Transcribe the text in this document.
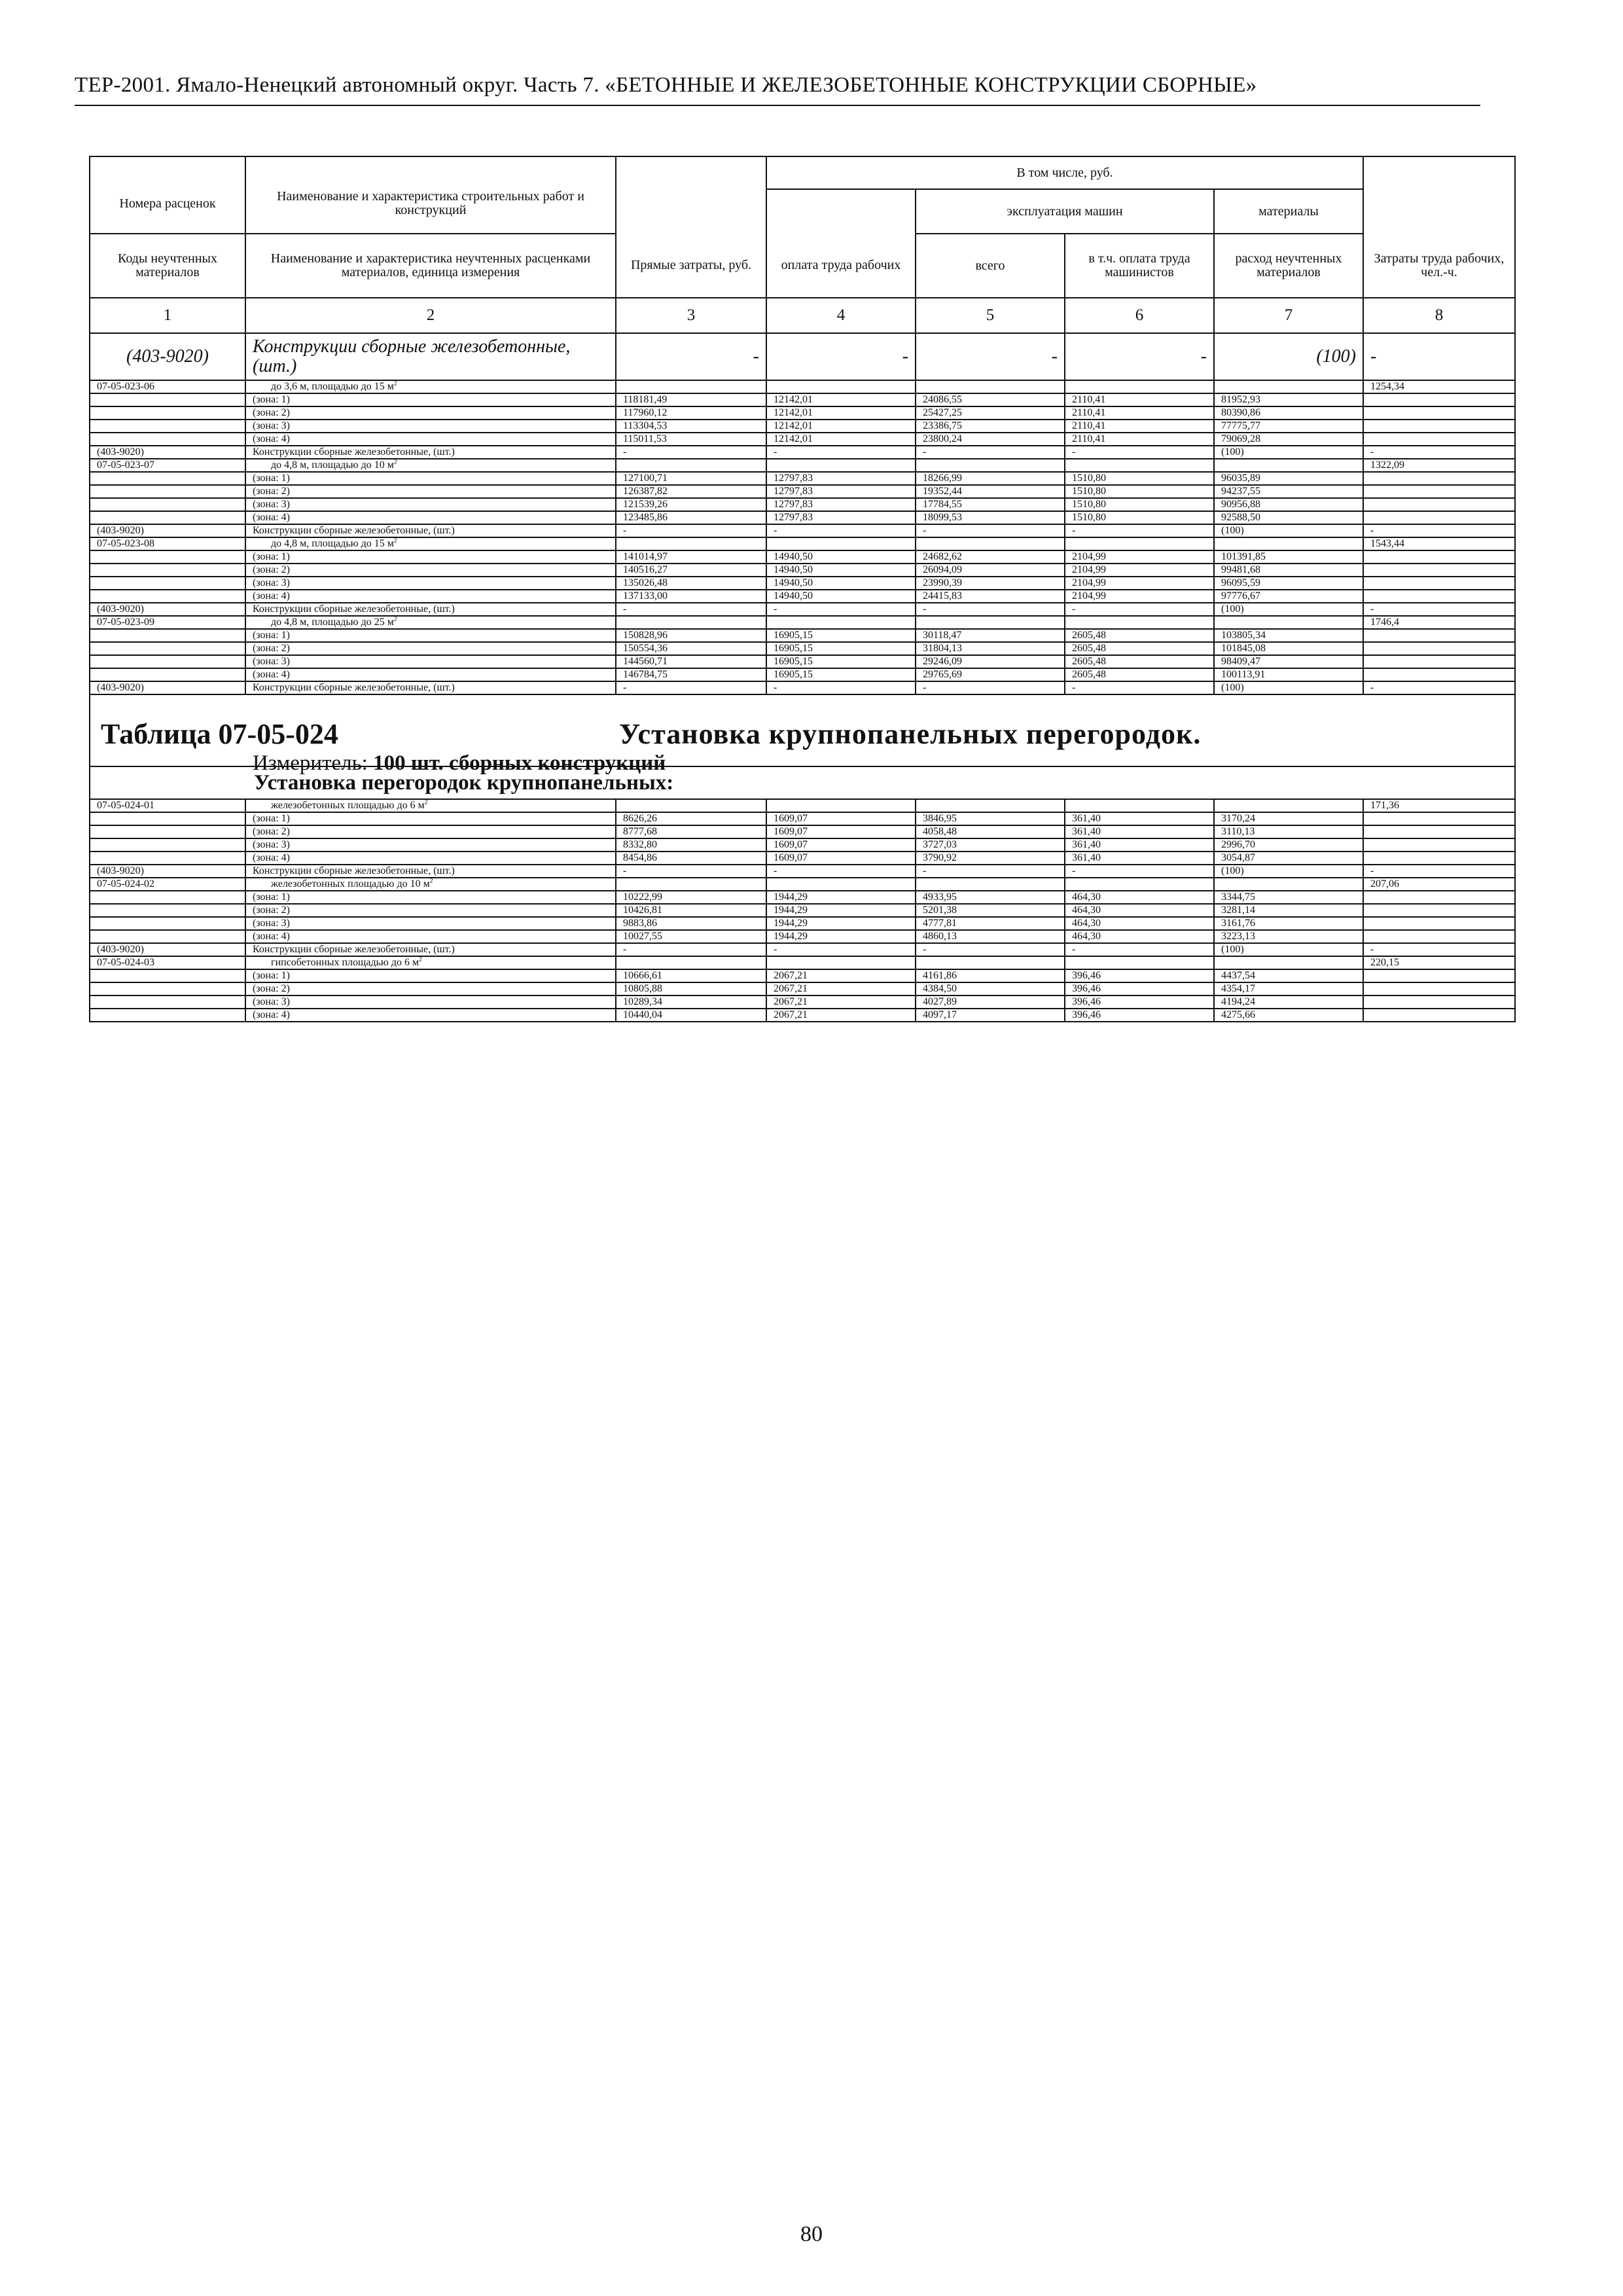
ТЕР-2001. Ямало-Ненецкий автономный округ. Часть 7. «БЕТОННЫЕ И ЖЕЛЕЗОБЕТОННЫЕ КОНСТРУКЦИИ СБОРНЫЕ»
Номера расценок	Наименование и характеристика строительных работ и конструкций		В том числе, руб.				
				эксплуатация машин		материалы	
Коды неучтенных материалов	Наименование и характеристика неучтенных расценками материалов, единица измерения	Прямые затраты, руб.	оплата труда рабочих	всего	в т.ч. оплата труда машинистов	расход неучтенных материалов	Затраты труда рабочих, чел.-ч.
1	2	3	4	5	6	7	8
(403-9020)	Конструкции сборные железобетонные, (шт.)	-	-	-	-	(100)	-
07-05-023-06	до 3,6 м, площадью до 15 $м^2$						1254,34
	(зона: 1)	118181,49	12142,01	24086,55	2110,41	81952,93	
	(зона: 2)	117960,12	12142,01	25427,25	2110,41	80390,86	
	(зона: 3)	113304,53	12142,01	23386,75	2110,41	77775,77	
	(зона: 4)	115011,53	12142,01	23800,24	2110,41	79069,28	
(403-9020)	Конструкции сборные железобетонные, (шт.)	-	-	-	-	(100)	-
07-05-023-07	до 4,8 м, площадью до 10 $м^2$						1322,09
	(зона: 1)	127100,71	12797,83	18266,99	1510,80	96035,89	
	(зона: 2)	126387,82	12797,83	19352,44	1510,80	94237,55	
	(зона: 3)	121539,26	12797,83	17784,55	1510,80	90956,88	
	(зона: 4)	123485,86	12797,83	18099,53	1510,80	92588,50	
(403-9020)	Конструкции сборные железобетонные, (шт.)	-	-	-	-	(100)	-
07-05-023-08	до 4,8 м, площадью до 15 $м^2$						1543,44
	(зона: 1)	141014,97	14940,50	24682,62	2104,99	101391,85	
	(зона: 2)	140516,27	14940,50	26094,09	2104,99	99481,68	
	(зона: 3)	135026,48	14940,50	23990,39	2104,99	96095,59	
	(зона: 4)	137133,00	14940,50	24415,83	2104,99	97776,67	
(403-9020)	Конструкции сборные железобетонные, (шт.)	-	-	-	-	(100)	-
07-05-023-09	до 4,8 м, площадью до 25 $м^2$						1746,4
	(зона: 1)	150828,96	16905,15	30118,47	2605,48	103805,34	
	(зона: 2)	150554,36	16905,15	31804,13	2605,48	101845,08	
	(зона: 3)	144560,71	16905,15	29246,09	2605,48	98409,47	
	(зона: 4)	146784,75	16905,15	29765,69	2605,48	100113,91	
(403-9020)	Конструкции сборные железобетонные, (шт.)	-	-	-	-	(100)	-

Таблица 07-05-024 Установка крупнопанельных перегородок.
Измеритель: 100 шт. сборных конструкций							

Установка перегородок крупнопанельных:							
07-05-024-01	железобетонных площадью до 6 $м^2$						171,36
	(зона: 1)	8626,26	1609,07	3846,95	361,40	3170,24	
	(зона: 2)	8777,68	1609,07	4058,48	361,40	3110,13	
	(зона: 3)	8332,80	1609,07	3727,03	361,40	2996,70	
	(зона: 4)	8454,86	1609,07	3790,92	361,40	3054,87	
(403-9020)	Конструкции сборные железобетонные, (шт.)	-	-	-	-	(100)	-
07-05-024-02	железобетонных площадью до 10 $м^2$						207,06
	(зона: 1)	10222,99	1944,29	4933,95	464,30	3344,75	
	(зона: 2)	10426,81	1944,29	5201,38	464,30	3281,14	
	(зона: 3)	9883,86	1944,29	4777,81	464,30	3161,76	
	(зона: 4)	10027,55	1944,29	4860,13	464,30	3223,13	
(403-9020)	Конструкции сборные железобетонные, (шт.)	-	-	-	-	(100)	-
07-05-024-03	гипсобетонных площадью до 6 $м^2$						220,15
	(зона: 1)	10666,61	2067,21	4161,86	396,46	4437,54	
	(зона: 2)	10805,88	2067,21	4384,50	396,46	4354,17	
	(зона: 3)	10289,34	2067,21	4027,89	396,46	4194,24	
	(зона: 4)	10440,04	2067,21	4097,17	396,46	4275,66	
80
